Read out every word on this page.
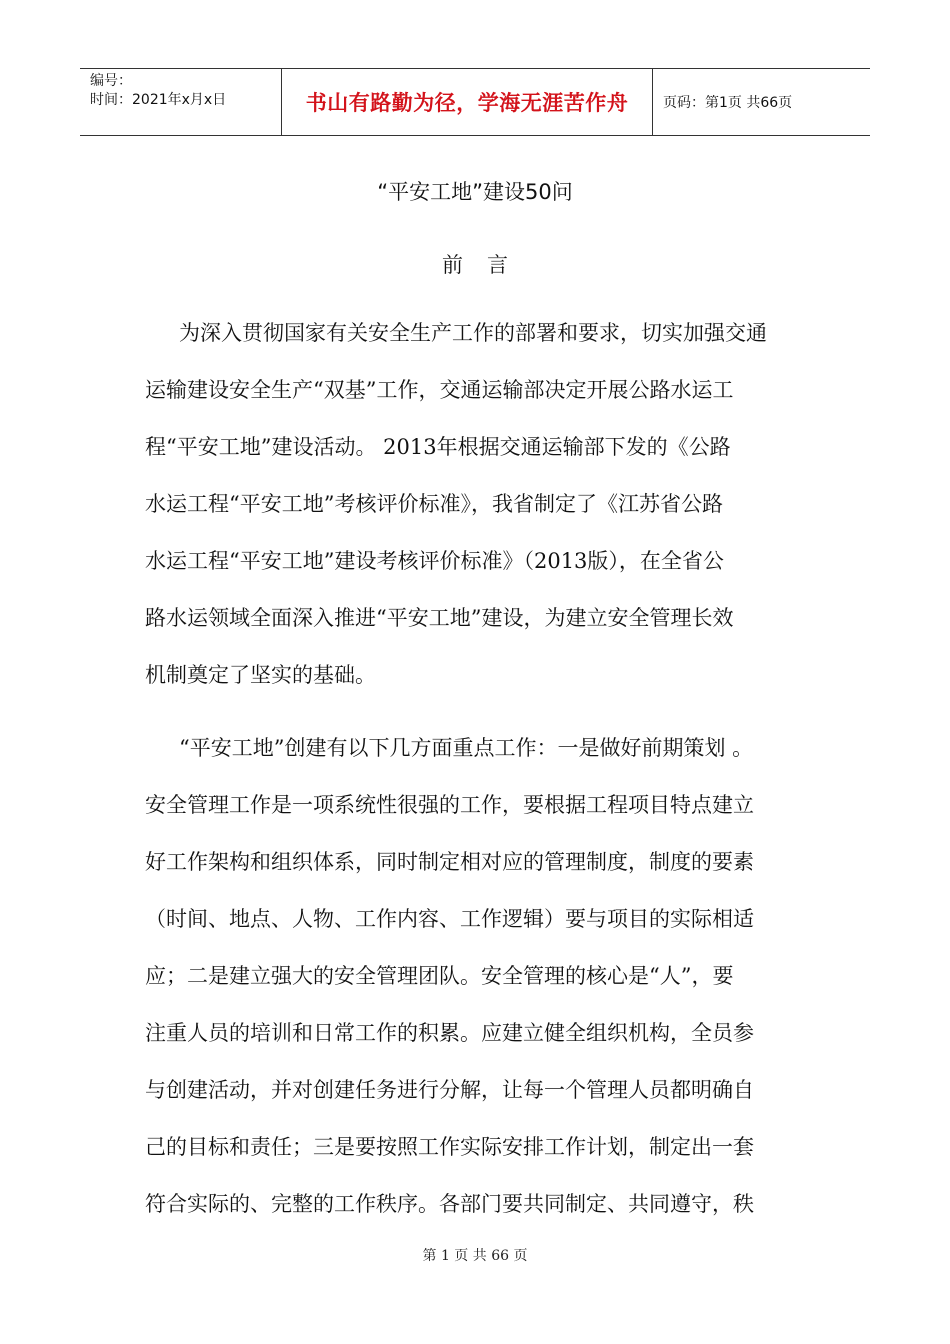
编号：
时间：2021年x月x日	书山有路勤为径，学海无涯苦作舟	页码：第1页 共66页
“平安工地”建设50问
前言

为深入贯彻国家有关安全生产工作的部署和要求，切实加强交通
运输建设安全生产“双基”工作，交通运输部决定开展公路水运工
程“平安工地”建设活动。 2013年根据交通运输部下发的《公路
水运工程“平安工地”考核评价标准》，我省制定了《江苏省公路
水运工程“平安工地”建设考核评价标准》（2013版），在全省公
路水运领域全面深入推进“平安工地”建设，为建立安全管理长效
机制奠定了坚实的基础。

“平安工地”创建有以下几方面重点工作：一是做好前期策划 。
安全管理工作是一项系统性很强的工作，要根据工程项目特点建立
好工作架构和组织体系，同时制定相对应的管理制度，制度的要素
（时间、地点、人物、工作内容、工作逻辑）要与项目的实际相适
应；二是建立强大的安全管理团队。安全管理的核心是“人”，要
注重人员的培训和日常工作的积累。应建立健全组织机构，全员参
与创建活动，并对创建任务进行分解，让每一个管理人员都明确自
己的目标和责任；三是要按照工作实际安排工作计划，制定出一套
符合实际的、完整的工作秩序。各部门要共同制定、共同遵守，秩

第 1 页 共 66 页
